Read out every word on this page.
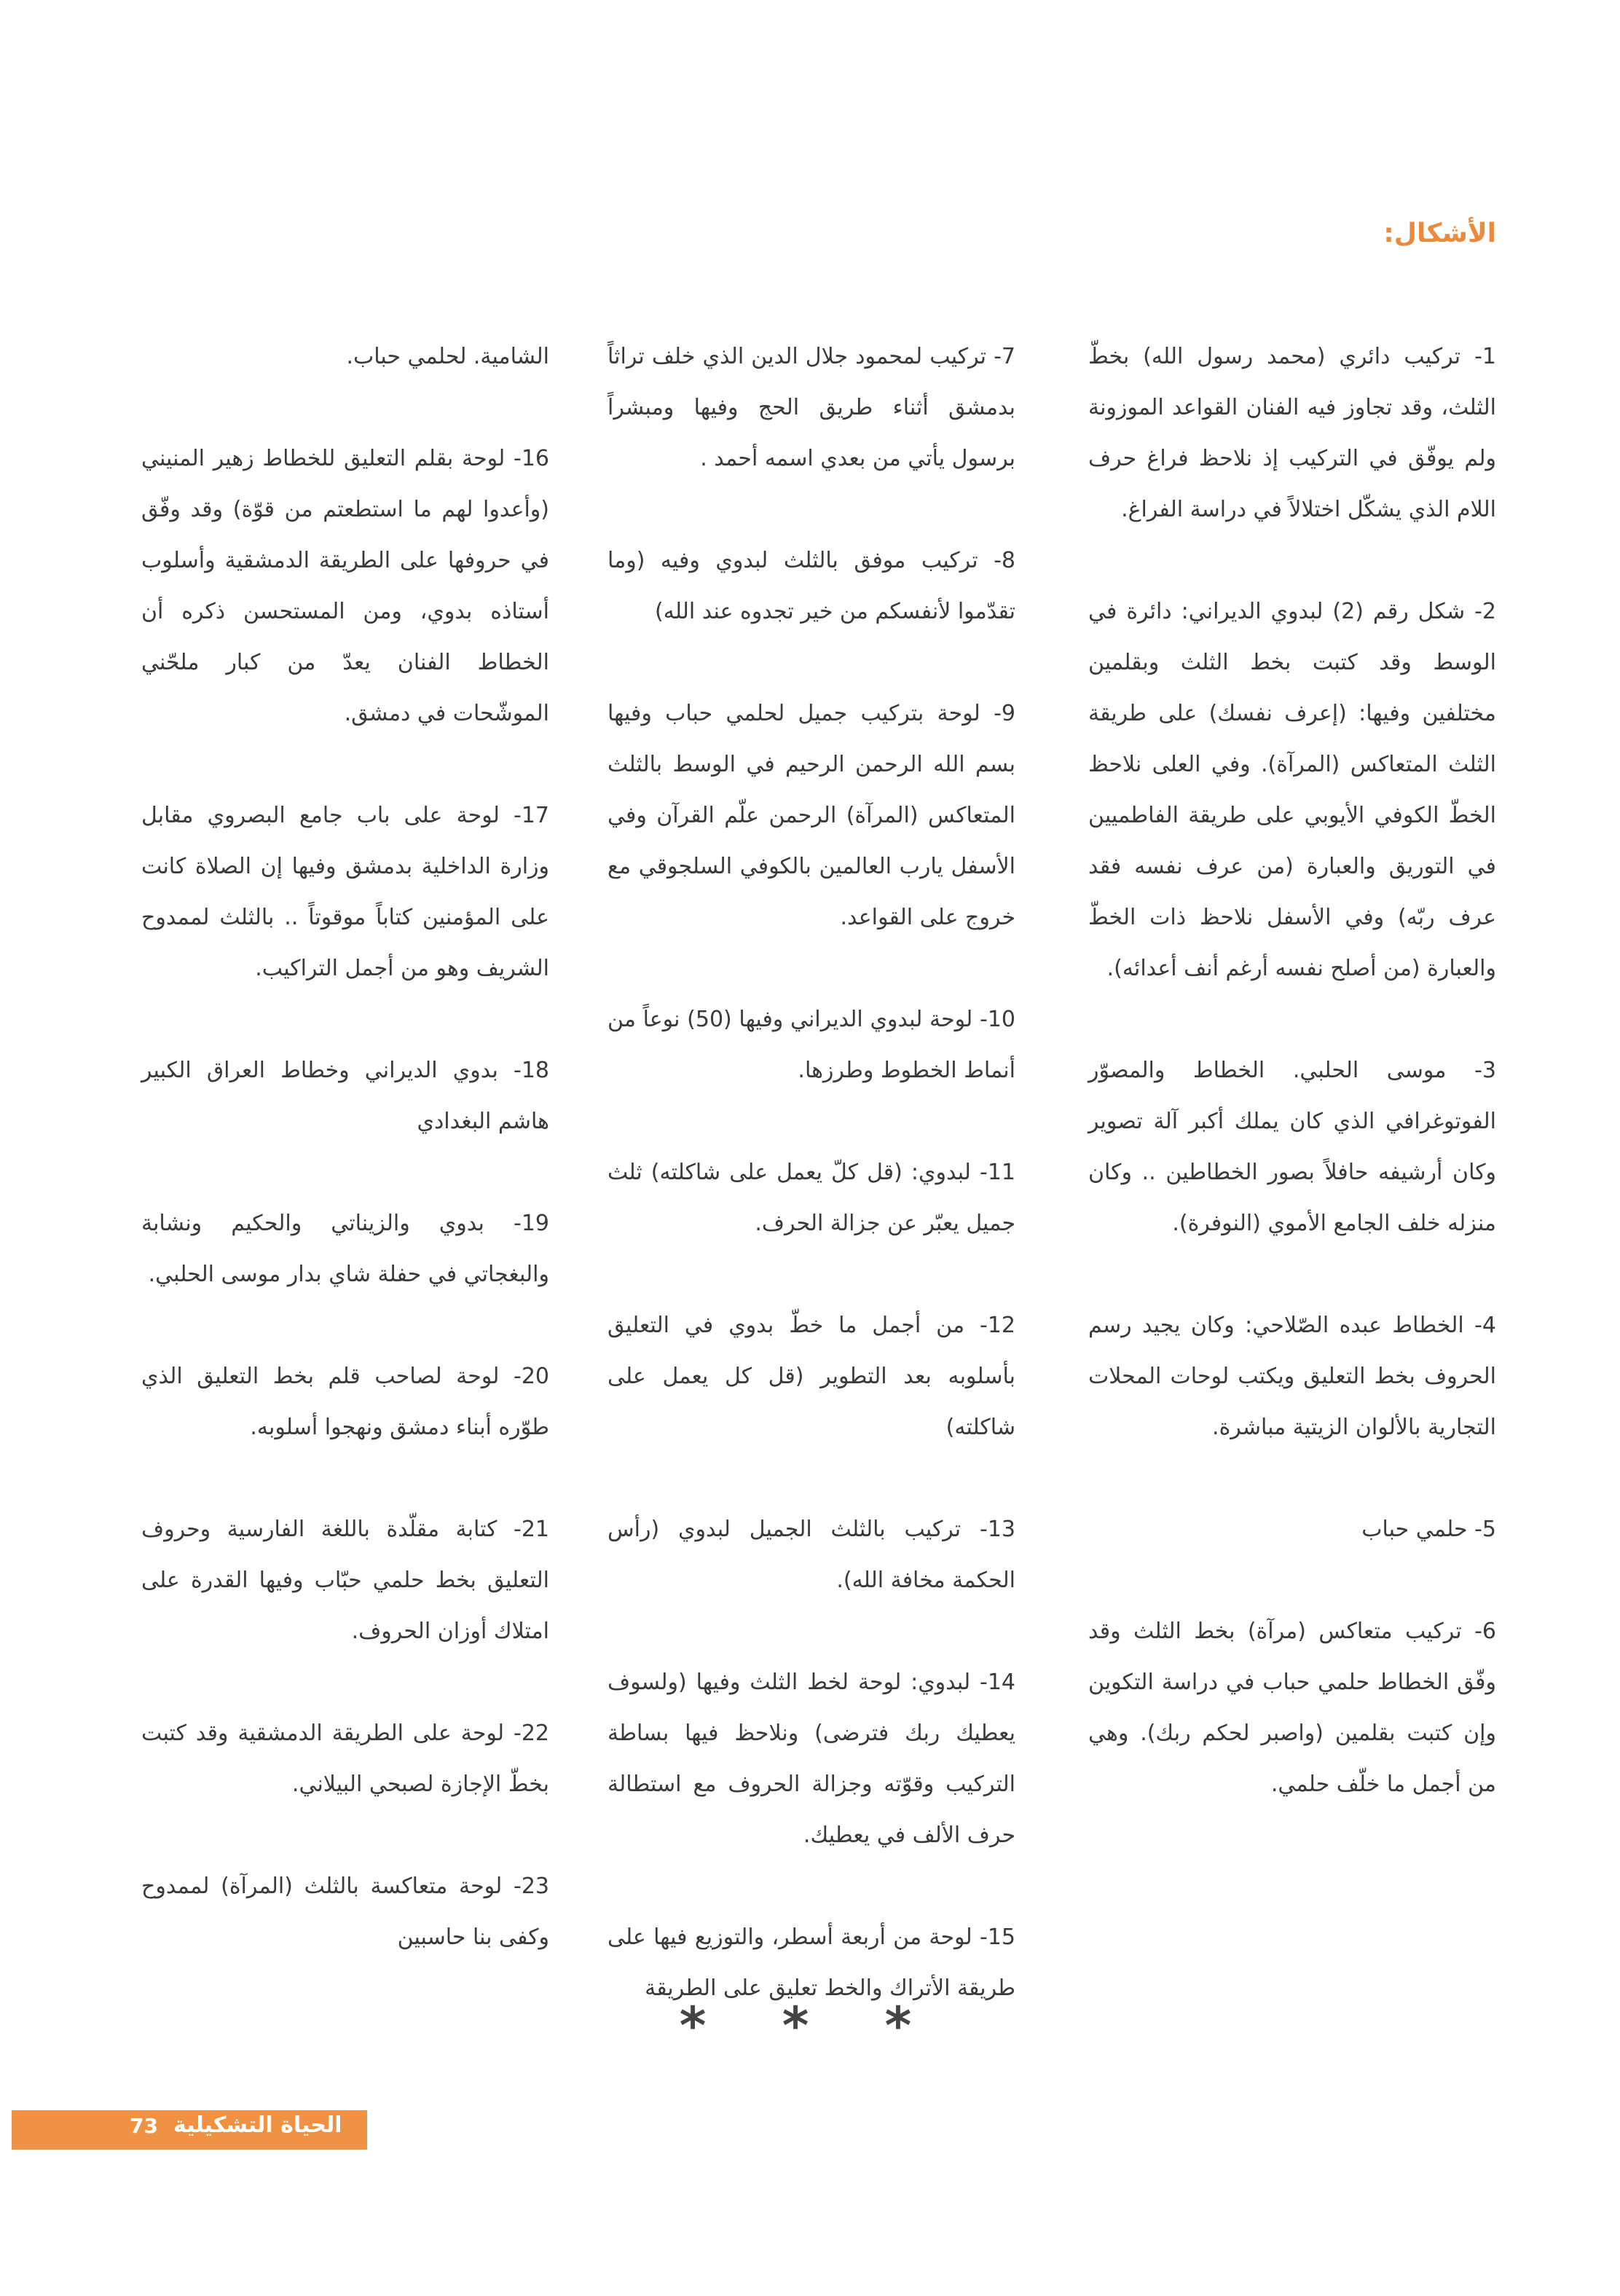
الأشكال:

1- تركيب دائري (محمد رسول الله) بخطّ الثلث، وقد تجاوز فيه الفنان القواعد الموزونة ولم يوفّق في التركيب إذ نلاحظ فراغ حرف اللام الذي يشكّل اختلالاً في دراسة الفراغ.

2- شكل رقم (2) لبدوي الديراني: دائرة في الوسط وقد كتبت بخط الثلث وبقلمين مختلفين وفيها: (إعرف نفسك) على طريقة الثلث المتعاكس (المرآة). وفي العلى نلاحظ الخطّ الكوفي الأيوبي على طريقة الفاطميين في التوريق والعبارة (من عرف نفسه فقد عرف ربّه) وفي الأسفل نلاحظ ذات الخطّ والعبارة (من أصلح نفسه أرغم أنف أعدائه).

3- موسى الحلبي. الخطاط والمصوّر الفوتوغرافي الذي كان يملك أكبر آلة تصوير وكان أرشيفه حافلاً بصور الخطاطين .. وكان منزله خلف الجامع الأموي (النوفرة).

4- الخطاط عبده الصّلاحي: وكان يجيد رسم الحروف بخط التعليق ويكتب لوحات المحلات التجارية بالألوان الزيتية مباشرة.

5- حلمي حباب

6- تركيب متعاكس (مرآة) بخط الثلث وقد وفّق الخطاط حلمي حباب في دراسة التكوين وإن كتبت بقلمين (واصبر لحكم ربك). وهي من أجمل ما خلّف حلمي.

7- تركيب لمحمود جلال الدين الذي خلف تراثاً بدمشق أثناء طريق الحج وفيها ومبشراً برسول يأتي من بعدي اسمه أحمد .

8- تركيب موفق بالثلث لبدوي وفيه (وما تقدّموا لأنفسكم من خير تجدوه عند الله)

9- لوحة بتركيب جميل لحلمي حباب وفيها بسم الله الرحمن الرحيم في الوسط بالثلث المتعاكس (المرآة) الرحمن علّم القرآن وفي الأسفل يارب العالمين بالكوفي السلجوقي مع خروج على القواعد.

10- لوحة لبدوي الديراني وفيها (50) نوعاً من أنماط الخطوط وطرزها.

11- لبدوي: (قل كلّ يعمل على شاكلته) ثلث جميل يعبّر عن جزالة الحرف.

12- من أجمل ما خطّ بدوي في التعليق بأسلوبه بعد التطوير (قل كل يعمل على شاكلته)

13- تركيب بالثلث الجميل لبدوي (رأس الحكمة مخافة الله).

14- لبدوي: لوحة لخط الثلث وفيها (ولسوف يعطيك ربك فترضى) ونلاحظ فيها بساطة التركيب وقوّته وجزالة الحروف مع استطالة حرف الألف في يعطيك.

15- لوحة من أربعة أسطر، والتوزيع فيها على طريقة الأتراك والخط تعليق على الطريقة

الشامية. لحلمي حباب.

16- لوحة بقلم التعليق للخطاط زهير المنيني (وأعدوا لهم ما استطعتم من قوّة) وقد وفّق في حروفها على الطريقة الدمشقية وأسلوب أستاذه بدوي، ومن المستحسن ذكره أن الخطاط الفنان يعدّ من كبار ملحّني الموشّحات في دمشق.

17- لوحة على باب جامع البصروي مقابل وزارة الداخلية بدمشق وفيها إن الصلاة كانت على المؤمنين كتاباً موقوتاً .. بالثلث لممدوح الشريف وهو من أجمل التراكيب.

18- بدوي الديراني وخطاط العراق الكبير هاشم البغدادي

19- بدوي والزيناتي والحكيم ونشابة والبغجاتي في حفلة شاي بدار موسى الحلبي.

20- لوحة لصاحب قلم بخط التعليق الذي طوّره أبناء دمشق ونهجوا أسلوبه.

21- كتابة مقلّدة باللغة الفارسية وحروف التعليق بخط حلمي حبّاب وفيها القدرة على امتلاك أوزان الحروف.

22- لوحة على الطريقة الدمشقية وقد كتبت بخطّ الإجازة لصبحي البيلاني.

23- لوحة متعاكسة بالثلث (المرآة) لممدوح وكفى بنا حاسبين

* * *
الحياة التشكيلية
73
